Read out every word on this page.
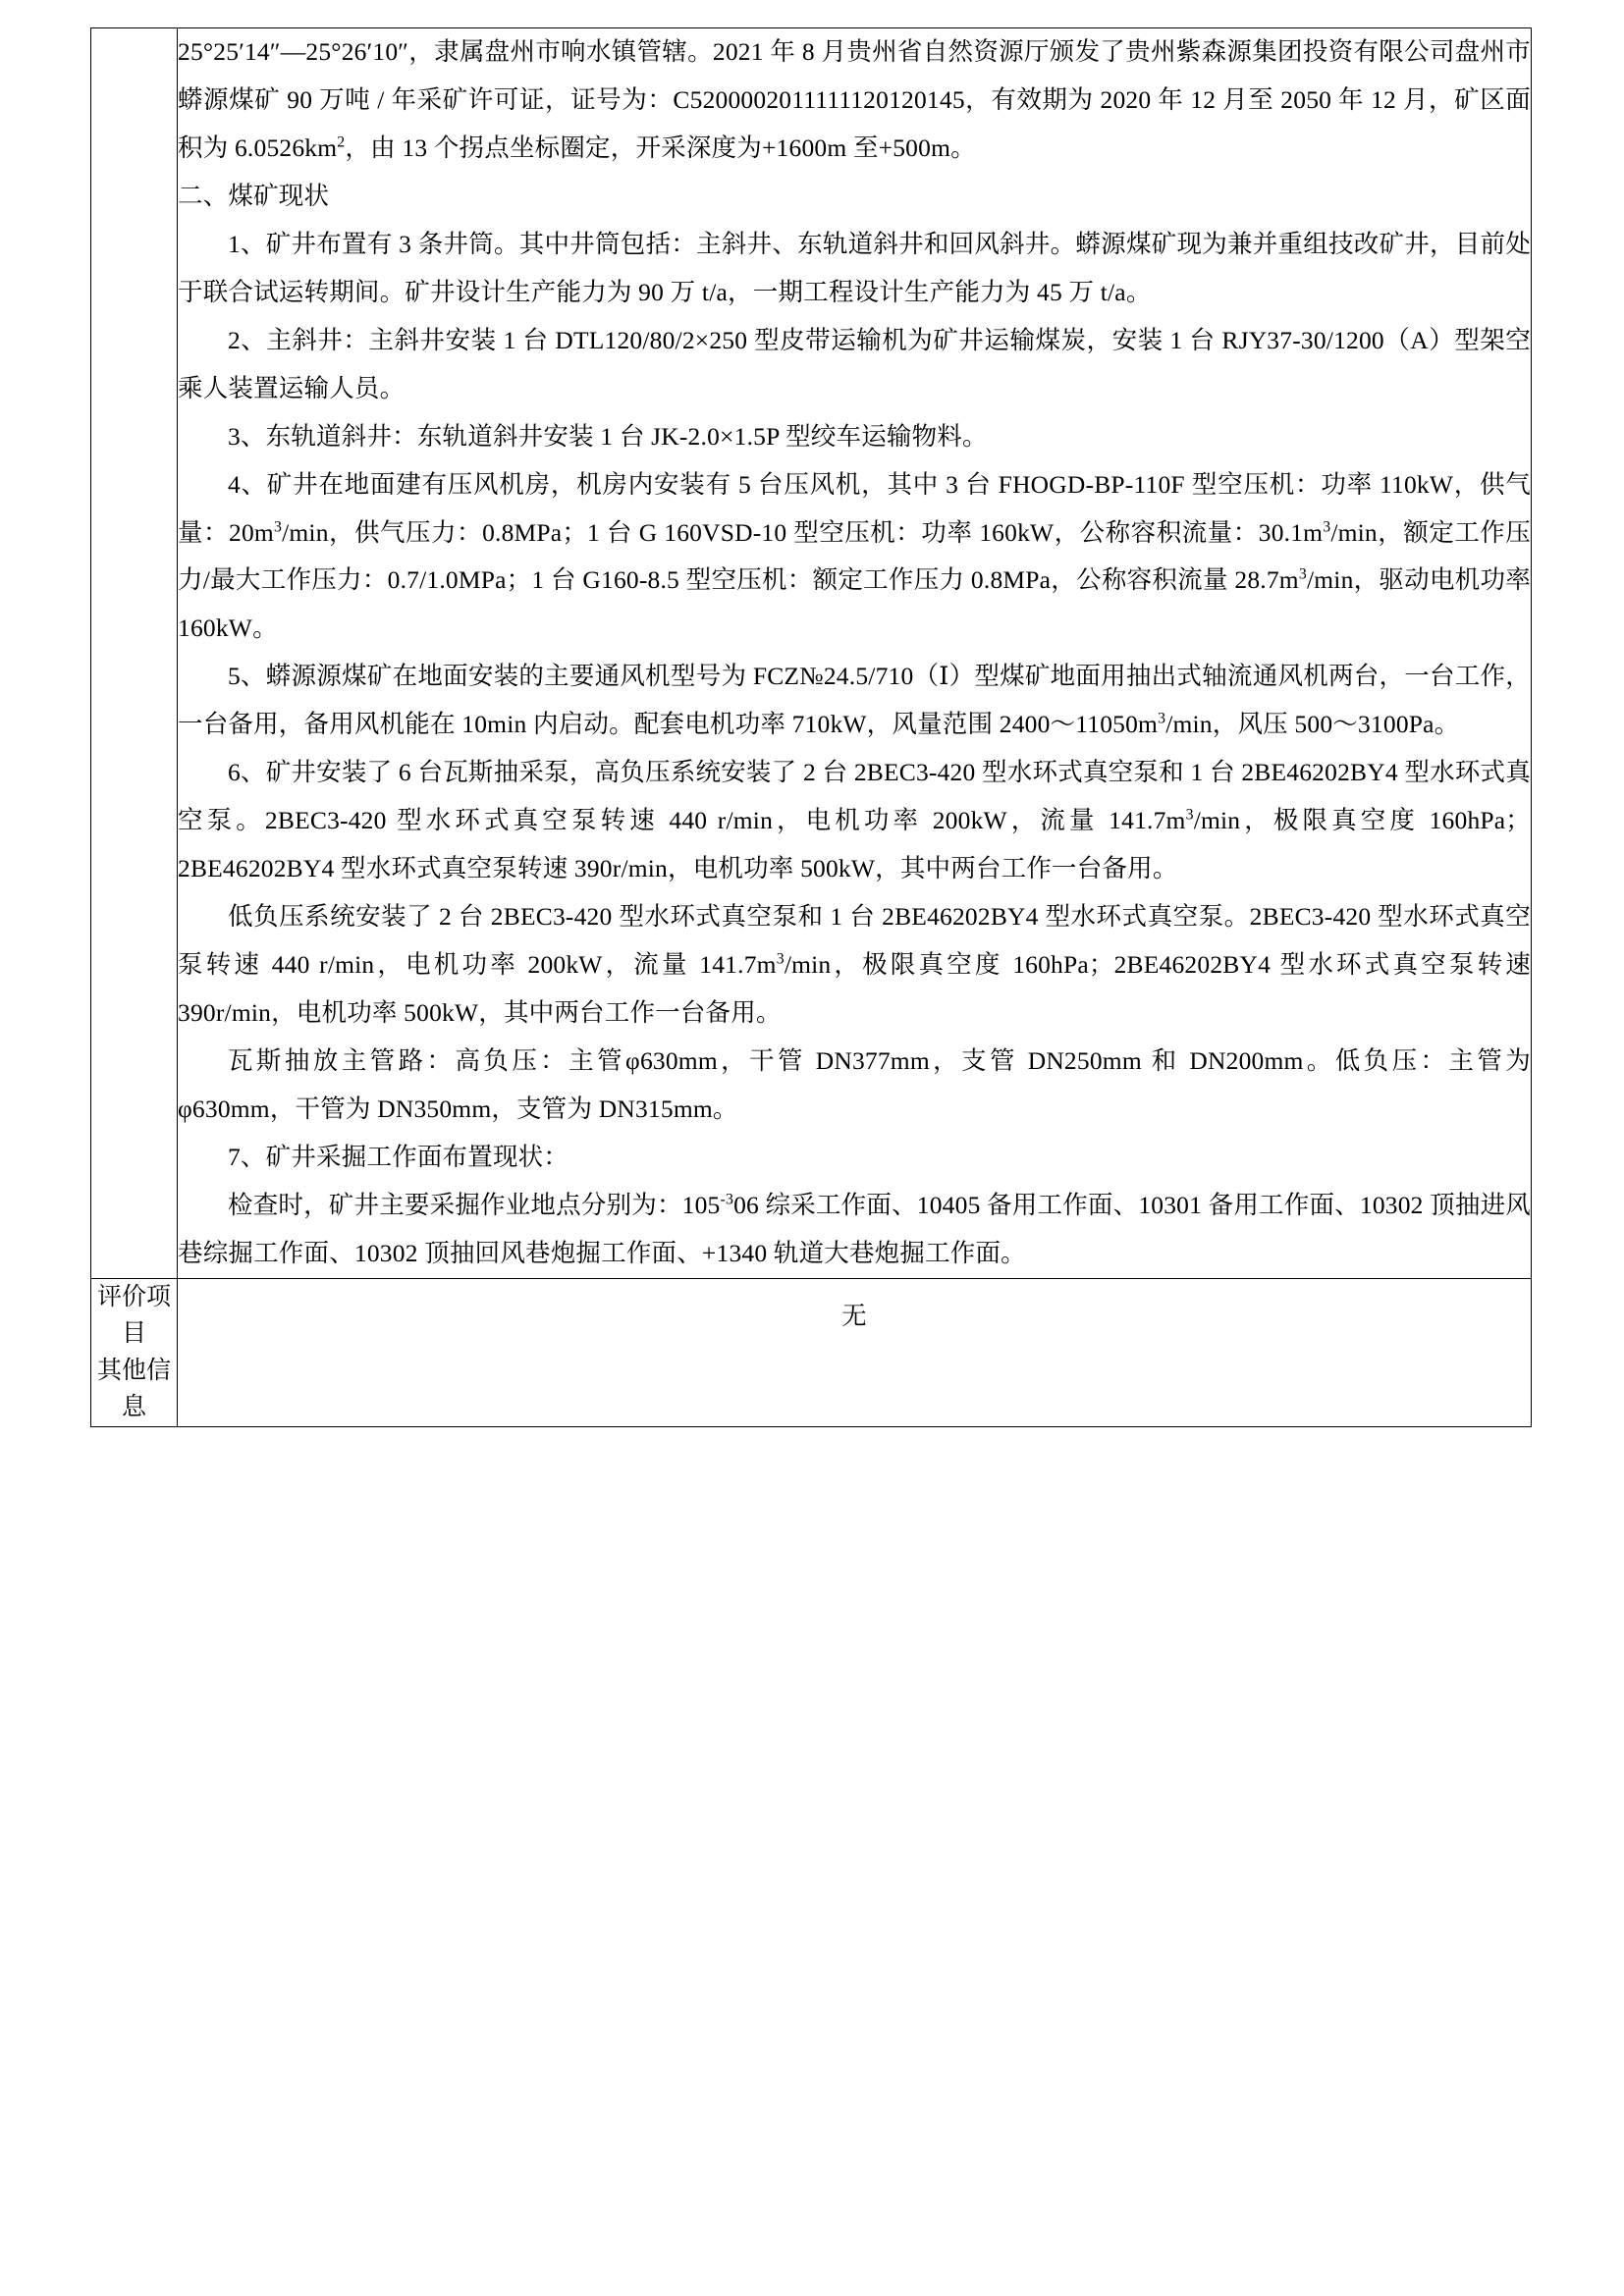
25°25′14″—25°26′10″，隶属盘州市响水镇管辖。2021 年 8 月贵州省自然资源厅颁发了贵州紫森源集团投资有限公司盘州市蟒源煤矿 90 万吨 / 年采矿许可证，证号为：C5200002011111120120145，有效期为 2020 年 12 月至 2050 年 12 月，矿区面积为 $6.0526km^2$，由 13 个拐点坐标圈定，开采深度为+1600m 至+500m。

二、煤矿现状

1、矿井布置有 3 条井筒。其中井筒包括：主斜井、东轨道斜井和回风斜井。蟒源煤矿现为兼并重组技改矿井，目前处于联合试运转期间。矿井设计生产能力为 90 万 t/a，一期工程设计生产能力为 45 万 t/a。

2、主斜井：主斜井安装 1 台 DTL120/80/2×250 型皮带运输机为矿井运输煤炭，安装 1 台 RJY37-30/1200（A）型架空乘人装置运输人员。

3、东轨道斜井：东轨道斜井安装 1 台 JK-2.0×1.5P 型绞车运输物料。

4、矿井在地面建有压风机房，机房内安装有 5 台压风机，其中 3 台 FHOGD-BP-110F 型空压机：功率 110kW，供气量：$20m^3/\min$，供气压力：0.8MPa；1 台 G 160VSD-10 型空压机：功率 160kW，公称容积流量：$30.1m^3/\min$，额定工作压力/最大工作压力：0.7/1.0MPa；1 台 G160-8.5 型空压机：额定工作压力 0.8MPa，公称容积流量 $28.7m^3/\min$，驱动电机功率 160kW。

5、蟒源源煤矿在地面安装的主要通风机型号为 FCZ№24.5/710（Ⅰ）型煤矿地面用抽出式轴流通风机两台，一台工作，一台备用，备用风机能在 10min 内启动。配套电机功率 710kW，风量范围 $2400\sim 11050m^3/\min$，风压 500～3100Pa。

6、矿井安装了 6 台瓦斯抽采泵，高负压系统安装了 2 台 2BEC3-420 型水环式真空泵和 1 台 2BE46202BY4 型水环式真空泵。2BEC3-420 型水环式真空泵转速 440 r/min，电机功率 200kW，流量 $141.7m^3/\min$，极限真空度 160hPa；2BE46202BY4 型水环式真空泵转速 390r/min，电机功率 500kW，其中两台工作一台备用。

低负压系统安装了 2 台 2BEC3-420 型水环式真空泵和 1 台 2BE46202BY4 型水环式真空泵。2BEC3-420 型水环式真空泵转速 440 r/min，电机功率 200kW，流量 $141.7m^3/\min$，极限真空度 160hPa；2BE46202BY4 型水环式真空泵转速 390r/min，电机功率 500kW，其中两台工作一台备用。

瓦斯抽放主管路：高负压：主管φ630mm，干管 DN377mm，支管 DN250mm 和 DN200mm。低负压：主管为φ630mm，干管为 DN350mm，支管为 DN315mm。

7、矿井采掘工作面布置现状：

检查时，矿井主要采掘作业地点分别为：$105^{-3}06$ 综采工作面、10405 备用工作面、10301 备用工作面、10302 顶抽进风巷综掘工作面、10302 顶抽回风巷炮掘工作面、+1340 轨道大巷炮掘工作面。

评价项目
其他信息	无
